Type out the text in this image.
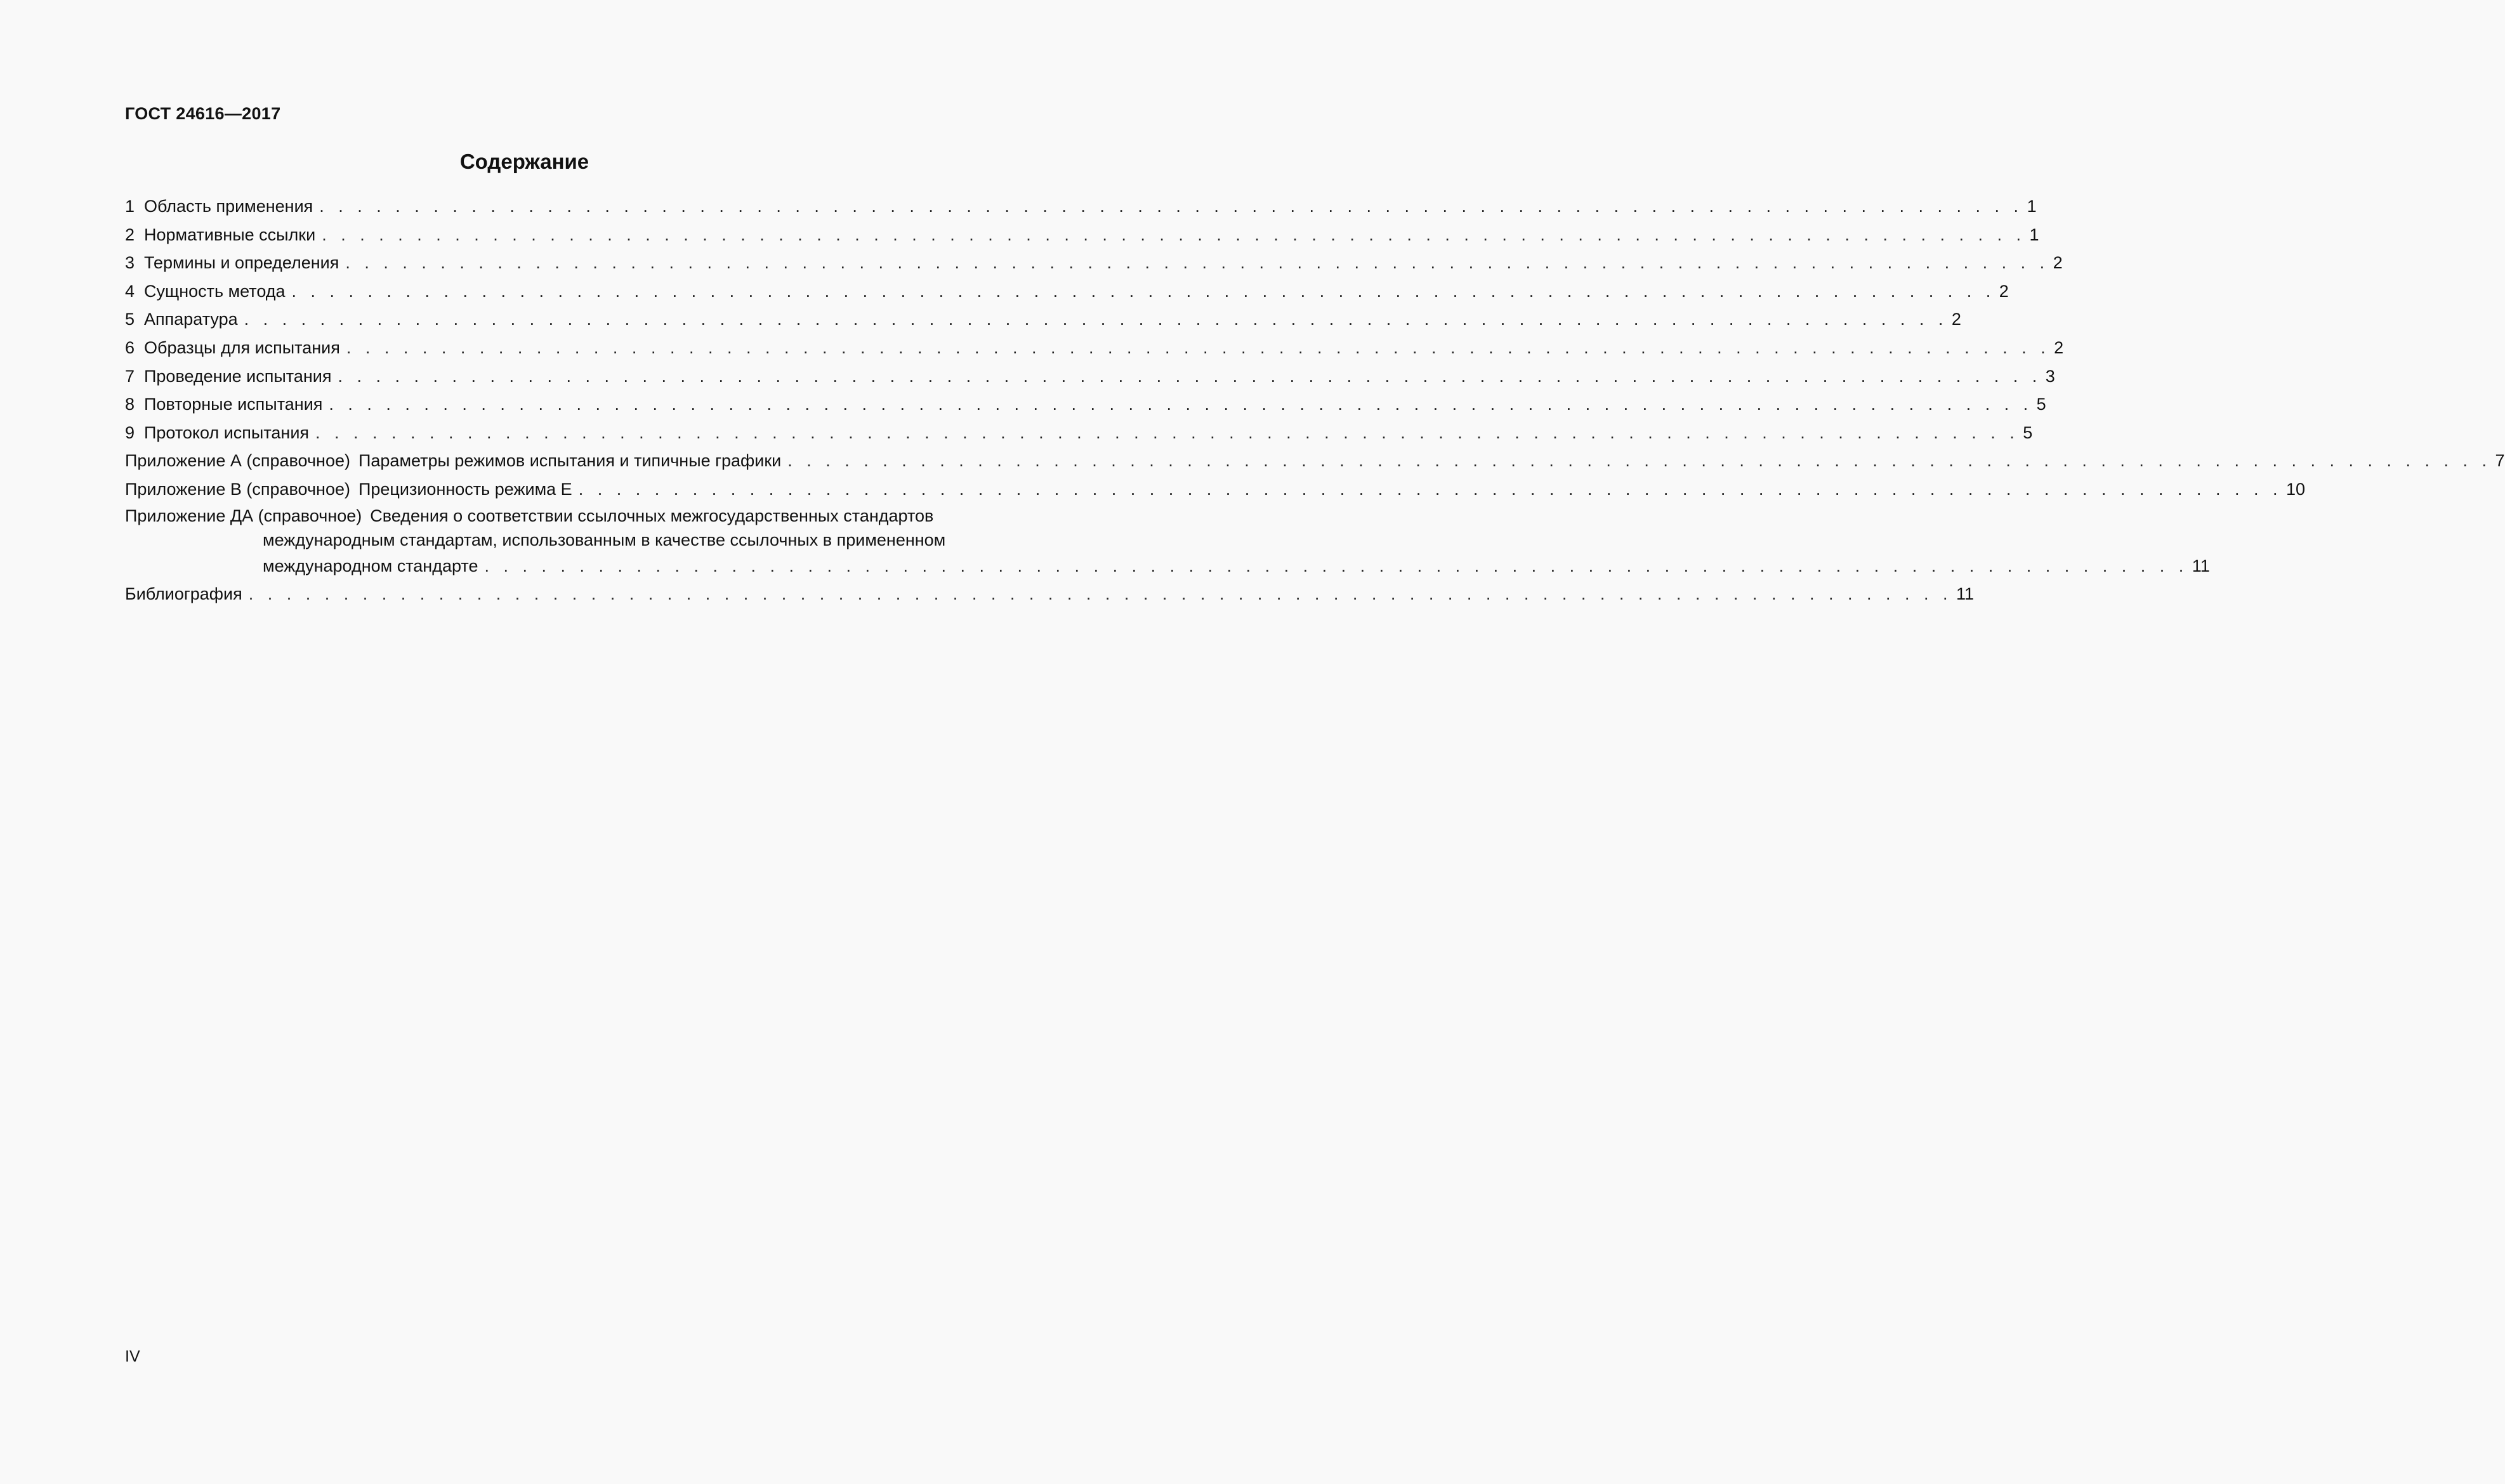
ГОСТ 24616—2017
Содержание
1 Область применения . . . . . . . . . . . . . . . . . . . . . . . . . . . . . . . . . . . . . . . . . . . . . . . . . . . . . . . . . . . . . . . . . . . . . . . . . . . . . . . . . . . . . . . . . . 1
2 Нормативные ссылки . . . . . . . . . . . . . . . . . . . . . . . . . . . . . . . . . . . . . . . . . . . . . . . . . . . . . . . . . . . . . . . . . . . . . . . . . . . . . . . . . . . . . . . . . . 1
3 Термины и определения . . . . . . . . . . . . . . . . . . . . . . . . . . . . . . . . . . . . . . . . . . . . . . . . . . . . . . . . . . . . . . . . . . . . . . . . . . . . . . . . . . . . . . . . . . 2
4 Сущность метода . . . . . . . . . . . . . . . . . . . . . . . . . . . . . . . . . . . . . . . . . . . . . . . . . . . . . . . . . . . . . . . . . . . . . . . . . . . . . . . . . . . . . . . . . . 2
5 Аппаратура . . . . . . . . . . . . . . . . . . . . . . . . . . . . . . . . . . . . . . . . . . . . . . . . . . . . . . . . . . . . . . . . . . . . . . . . . . . . . . . . . . . . . . . . . . 2
6 Образцы для испытания . . . . . . . . . . . . . . . . . . . . . . . . . . . . . . . . . . . . . . . . . . . . . . . . . . . . . . . . . . . . . . . . . . . . . . . . . . . . . . . . . . . . . . . . . . 2
7 Проведение испытания . . . . . . . . . . . . . . . . . . . . . . . . . . . . . . . . . . . . . . . . . . . . . . . . . . . . . . . . . . . . . . . . . . . . . . . . . . . . . . . . . . . . . . . . . . 3
8 Повторные испытания . . . . . . . . . . . . . . . . . . . . . . . . . . . . . . . . . . . . . . . . . . . . . . . . . . . . . . . . . . . . . . . . . . . . . . . . . . . . . . . . . . . . . . . . . . 5
9 Протокол испытания . . . . . . . . . . . . . . . . . . . . . . . . . . . . . . . . . . . . . . . . . . . . . . . . . . . . . . . . . . . . . . . . . . . . . . . . . . . . . . . . . . . . . . . . . . 5
Приложение А (справочное) Параметры режимов испытания и типичные графики . . . . . . . . . . . . . . . . . . . . . . . . . . . . . . . . . . . . . . . . . . . . . . . . . . . . . . . . . . . . . . . . . . . . . . . . . . . . . . . . . . . . . . . . . . 7
Приложение В (справочное) Прецизионность режима Е . . . . . . . . . . . . . . . . . . . . . . . . . . . . . . . . . . . . . . . . . . . . . . . . . . . . . . . . . . . . . . . . . . . . . . . . . . . . . . . . . . . . . . . . . . 10
Приложение ДА (справочное) Сведения о соответствии ссылочных межгосударственных стандартов
международным стандартам, использованным в качестве ссылочных в примененном
международном стандарте . . . . . . . . . . . . . . . . . . . . . . . . . . . . . . . . . . . . . . . . . . . . . . . . . . . . . . . . . . . . . . . . . . . . . . . . . . . . . . . . . . . . . . . . . . 11
Библиография . . . . . . . . . . . . . . . . . . . . . . . . . . . . . . . . . . . . . . . . . . . . . . . . . . . . . . . . . . . . . . . . . . . . . . . . . . . . . . . . . . . . . . . . . . 11
IV
